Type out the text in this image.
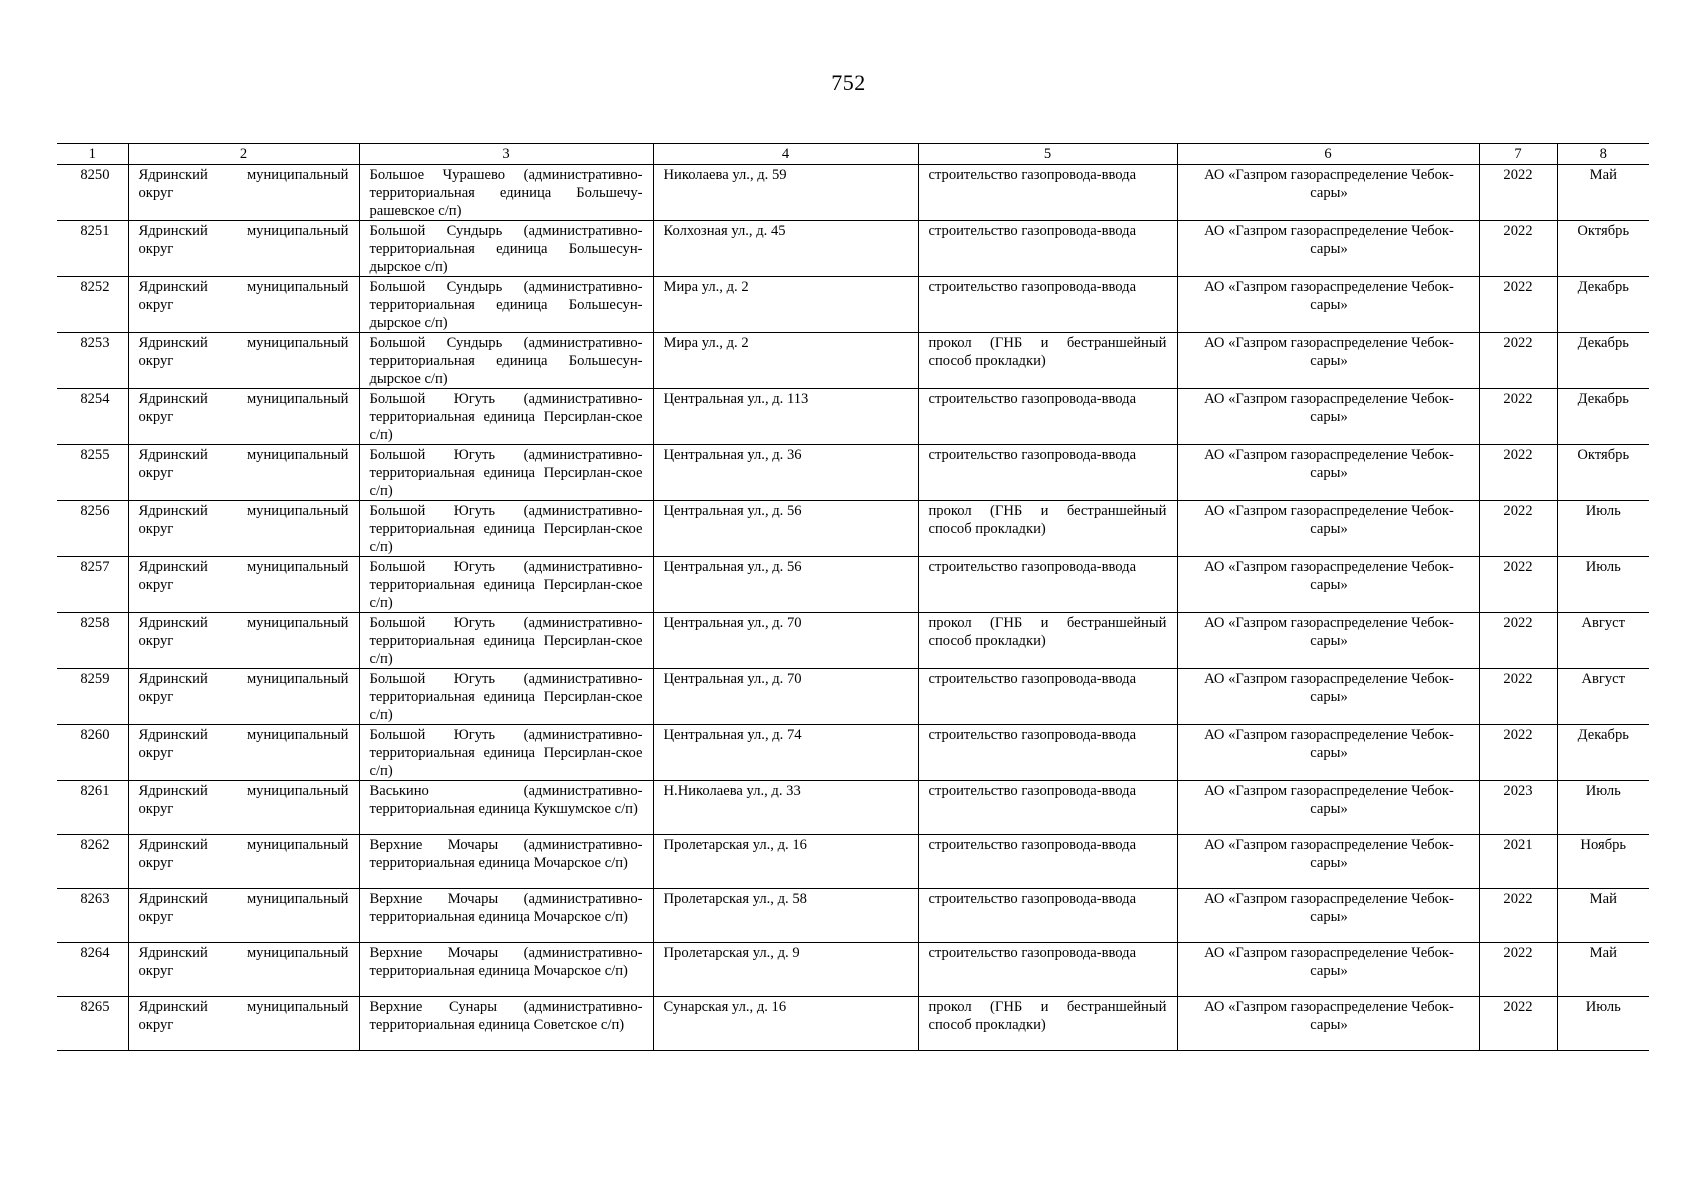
752
1	2	3	4	5	6	7	8
8250	Ядринский муниципальный округ	Большое Чурашево (административно-территориальная единица Большечу-рашевское с/п)	Николаева ул., д. 59	строительство газопровода-ввода	АО «Газпром газораспределение Чебок-сары»	2022	Май
8251	Ядринский муниципальный округ	Большой Сундырь (административно-территориальная единица Большесун-дырское с/п)	Колхозная ул., д. 45	строительство газопровода-ввода	АО «Газпром газораспределение Чебок-сары»	2022	Октябрь
8252	Ядринский муниципальный округ	Большой Сундырь (административно-территориальная единица Большесун-дырское с/п)	Мира ул., д. 2	строительство газопровода-ввода	АО «Газпром газораспределение Чебок-сары»	2022	Декабрь
8253	Ядринский муниципальный округ	Большой Сундырь (административно-территориальная единица Большесун-дырское с/п)	Мира ул., д. 2	прокол (ГНБ и бестраншейный способ прокладки)	АО «Газпром газораспределение Чебок-сары»	2022	Декабрь
8254	Ядринский муниципальный округ	Большой Югуть (административно-территориальная единица Персирлан-ское с/п)	Центральная ул., д. 113	строительство газопровода-ввода	АО «Газпром газораспределение Чебок-сары»	2022	Декабрь
8255	Ядринский муниципальный округ	Большой Югуть (административно-территориальная единица Персирлан-ское с/п)	Центральная ул., д. 36	строительство газопровода-ввода	АО «Газпром газораспределение Чебок-сары»	2022	Октябрь
8256	Ядринский муниципальный округ	Большой Югуть (административно-территориальная единица Персирлан-ское с/п)	Центральная ул., д. 56	прокол (ГНБ и бестраншейный способ прокладки)	АО «Газпром газораспределение Чебок-сары»	2022	Июль
8257	Ядринский муниципальный округ	Большой Югуть (административно-территориальная единица Персирлан-ское с/п)	Центральная ул., д. 56	строительство газопровода-ввода	АО «Газпром газораспределение Чебок-сары»	2022	Июль
8258	Ядринский муниципальный округ	Большой Югуть (административно-территориальная единица Персирлан-ское с/п)	Центральная ул., д. 70	прокол (ГНБ и бестраншейный способ прокладки)	АО «Газпром газораспределение Чебок-сары»	2022	Август
8259	Ядринский муниципальный округ	Большой Югуть (административно-территориальная единица Персирлан-ское с/п)	Центральная ул., д. 70	строительство газопровода-ввода	АО «Газпром газораспределение Чебок-сары»	2022	Август
8260	Ядринский муниципальный округ	Большой Югуть (административно-территориальная единица Персирлан-ское с/п)	Центральная ул., д. 74	строительство газопровода-ввода	АО «Газпром газораспределение Чебок-сары»	2022	Декабрь
8261	Ядринский муниципальный округ	Васькино (административно-территориальная единица Кукшумское с/п)	Н.Николаева ул., д. 33	строительство газопровода-ввода	АО «Газпром газораспределение Чебок-сары»	2023	Июль
8262	Ядринский муниципальный округ	Верхние Мочары (административно-территориальная единица Мочарское с/п)	Пролетарская ул., д. 16	строительство газопровода-ввода	АО «Газпром газораспределение Чебок-сары»	2021	Ноябрь
8263	Ядринский муниципальный округ	Верхние Мочары (административно-территориальная единица Мочарское с/п)	Пролетарская ул., д. 58	строительство газопровода-ввода	АО «Газпром газораспределение Чебок-сары»	2022	Май
8264	Ядринский муниципальный округ	Верхние Мочары (административно-территориальная единица Мочарское с/п)	Пролетарская ул., д. 9	строительство газопровода-ввода	АО «Газпром газораспределение Чебок-сары»	2022	Май
8265	Ядринский муниципальный округ	Верхние Сунары (административно-территориальная единица Советское с/п)	Сунарская ул., д. 16	прокол (ГНБ и бестраншейный способ прокладки)	АО «Газпром газораспределение Чебок-сары»	2022	Июль
